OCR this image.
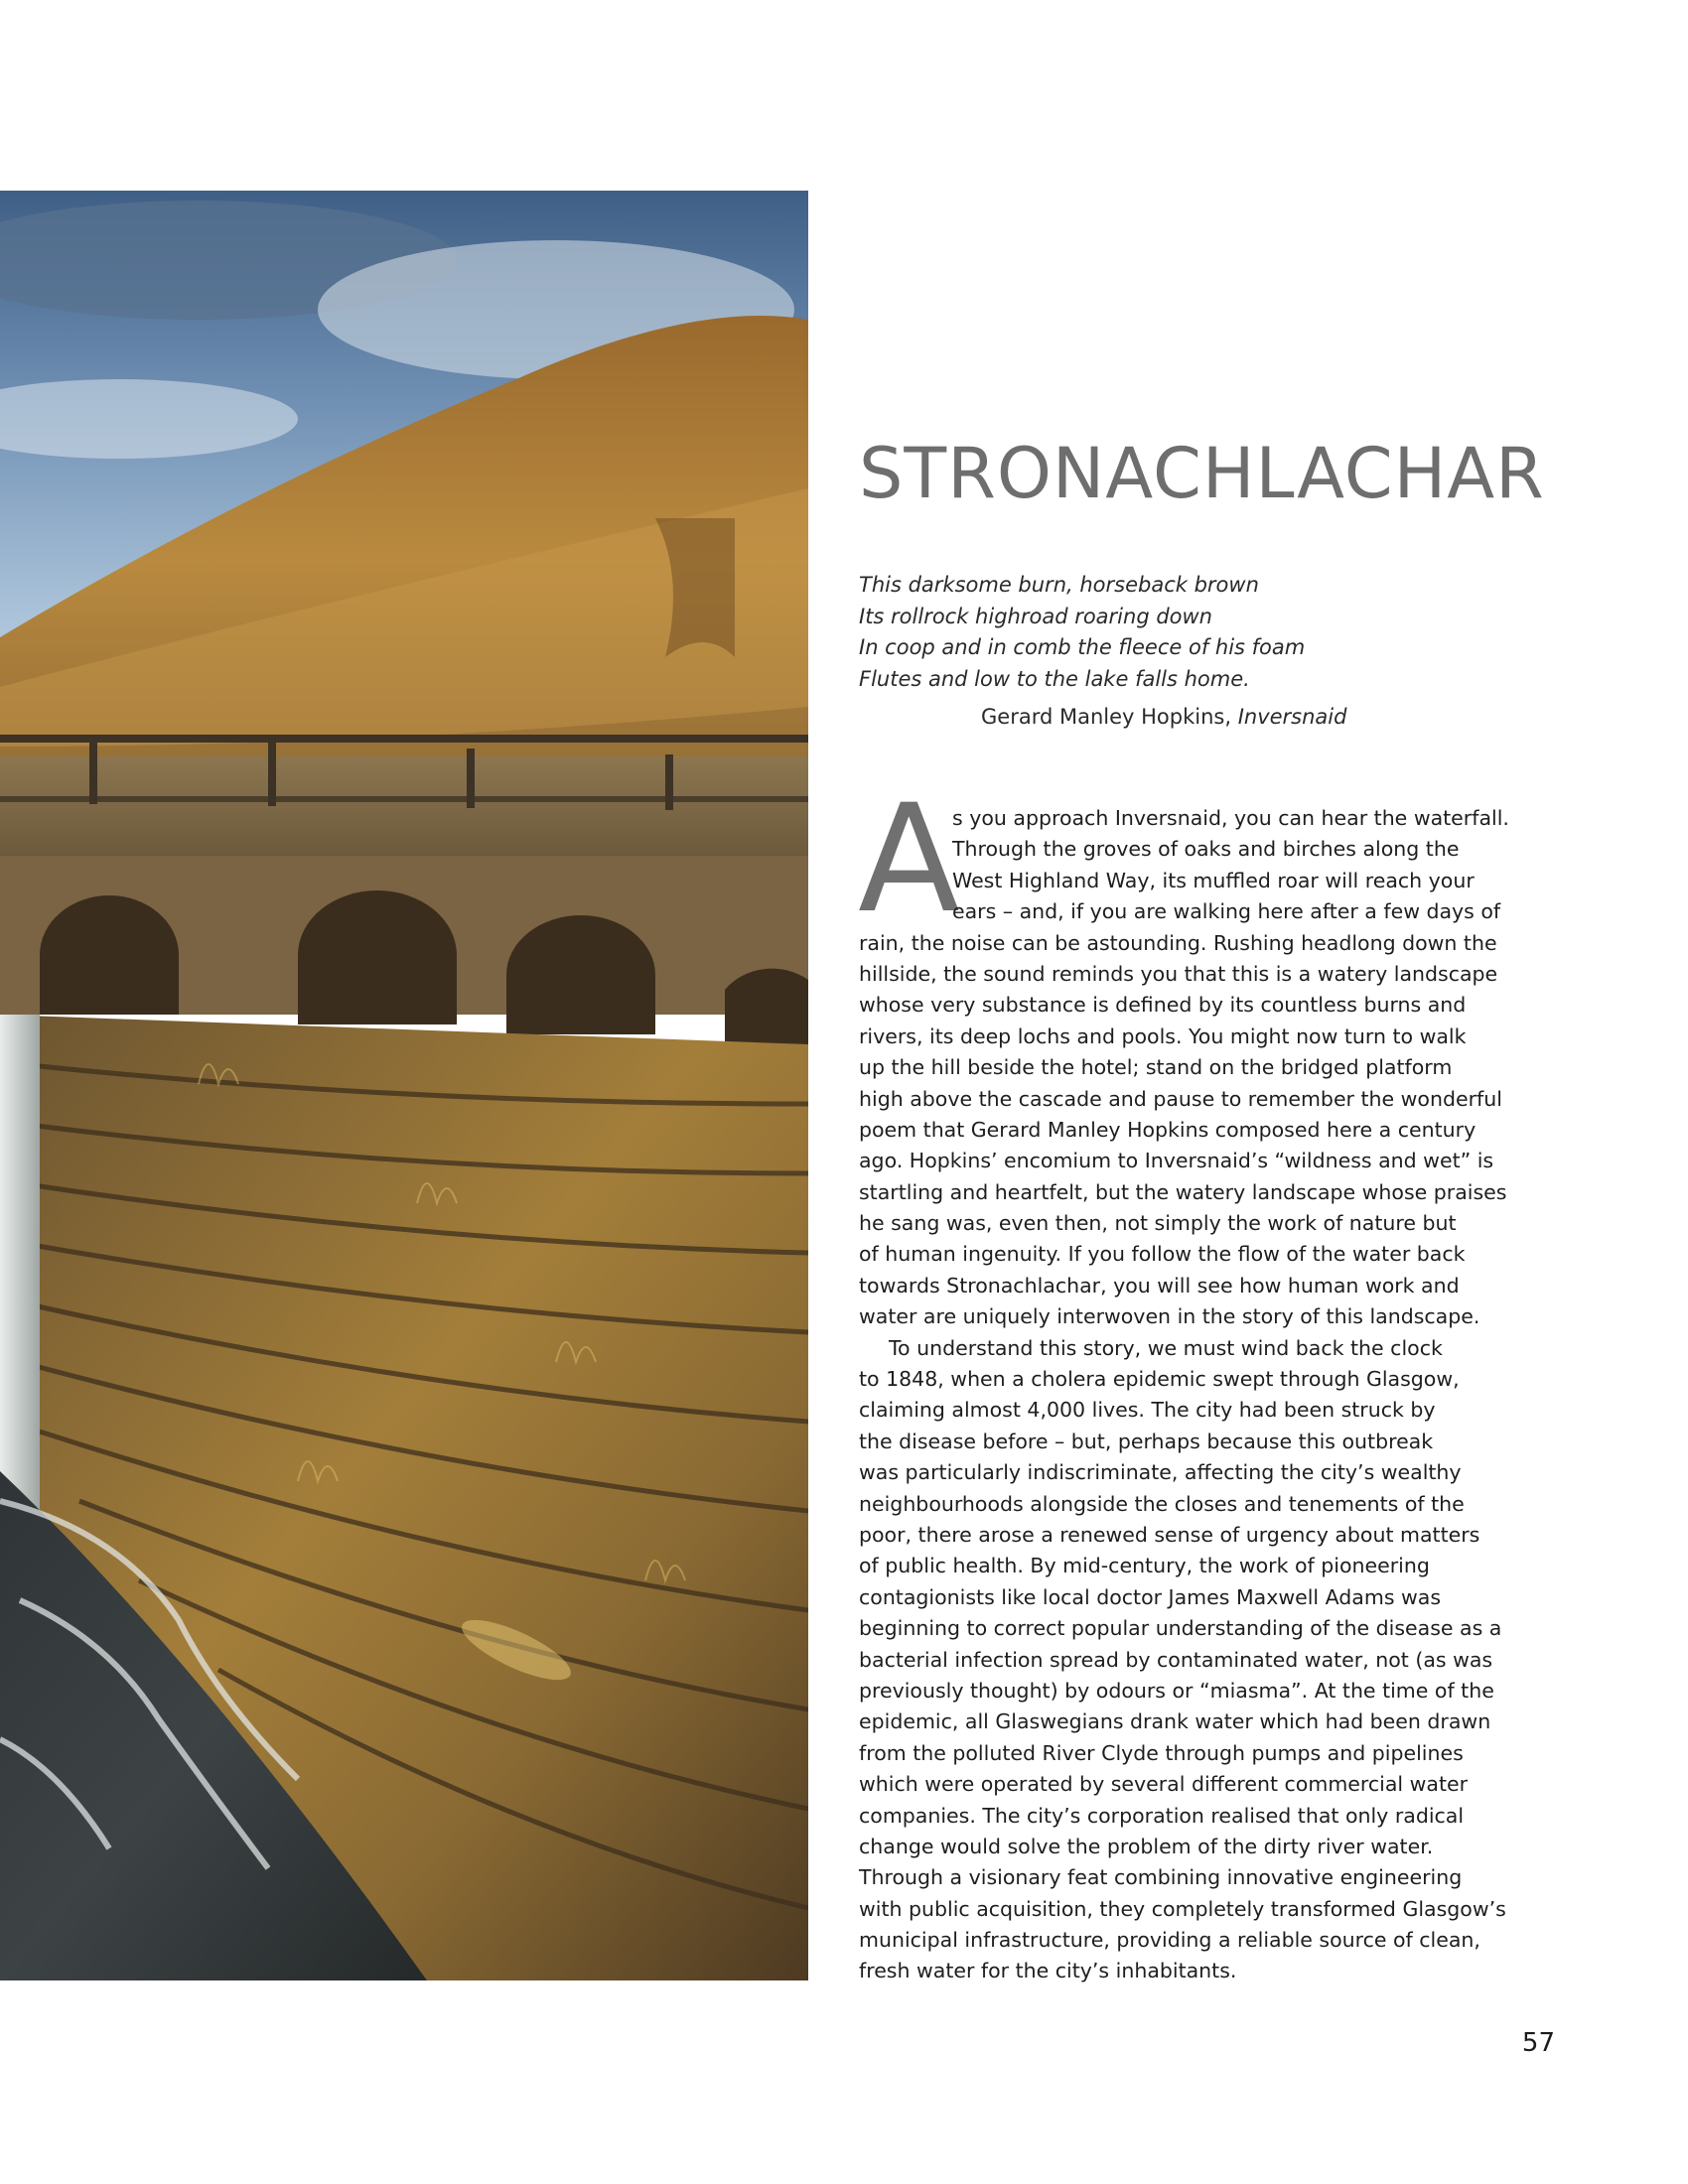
STRONACHLACHAR
This darksome burn, horseback brown
Its rollrock highroad roaring down
In coop and in comb the fleece of his foam
Flutes and low to the lake falls home.
Gerard Manley Hopkins, Inversnaid
A
s you approach Inversnaid, you can hear the waterfall.
Through the groves of oaks and birches along the
West Highland Way, its muffled roar will reach your
ears – and, if you are walking here after a few days of
rain, the noise can be astounding. Rushing headlong down the
hillside, the sound reminds you that this is a watery landscape
whose very substance is defined by its countless burns and
rivers, its deep lochs and pools. You might now turn to walk
up the hill beside the hotel; stand on the bridged platform
high above the cascade and pause to remember the wonderful
poem that Gerard Manley Hopkins composed here a century
ago. Hopkins’ encomium to Inversnaid’s “wildness and wet” is
startling and heartfelt, but the watery landscape whose praises
he sang was, even then, not simply the work of nature but
of human ingenuity. If you follow the flow of the water back
towards Stronachlachar, you will see how human work and
water are uniquely interwoven in the story of this landscape.
To understand this story, we must wind back the clock
to 1848, when a cholera epidemic swept through Glasgow,
claiming almost 4,000 lives. The city had been struck by
the disease before – but, perhaps because this outbreak
was particularly indiscriminate, affecting the city’s wealthy
neighbourhoods alongside the closes and tenements of the
poor, there arose a renewed sense of urgency about matters
of public health. By mid-century, the work of pioneering
contagionists like local doctor James Maxwell Adams was
beginning to correct popular understanding of the disease as a
bacterial infection spread by contaminated water, not (as was
previously thought) by odours or “miasma”. At the time of the
epidemic, all Glaswegians drank water which had been drawn
from the polluted River Clyde through pumps and pipelines
which were operated by several different commercial water
companies. The city’s corporation realised that only radical
change would solve the problem of the dirty river water.
Through a visionary feat combining innovative engineering
with public acquisition, they completely transformed Glasgow’s
municipal infrastructure, providing a reliable source of clean,
fresh water for the city’s inhabitants.
57
